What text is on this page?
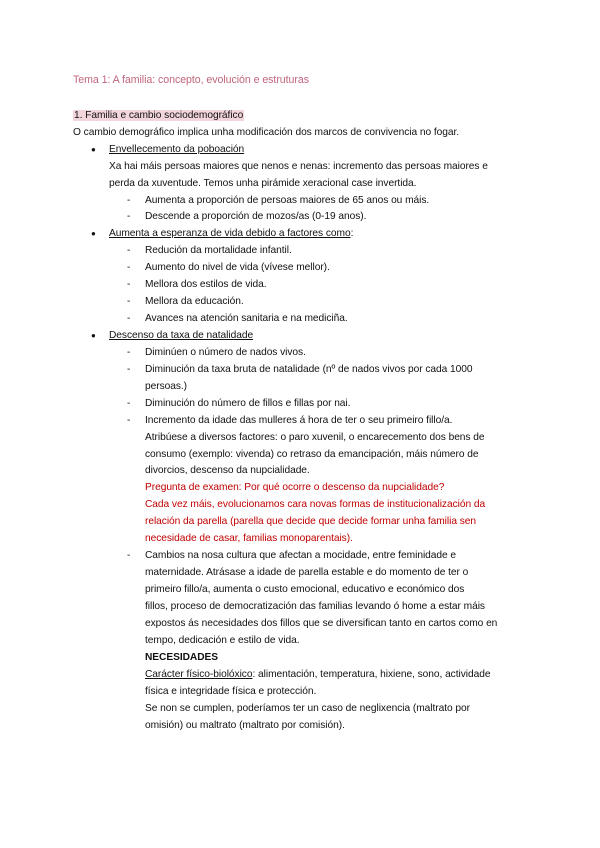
Tema 1: A familia: concepto, evolución e estruturas
1. Familia e cambio sociodemográfico
O cambio demográfico implica unha modificación dos marcos de convivencia no fogar.
● Envellecemento da poboación
Xa hai máis persoas maiores que nenos e nenas: incremento das persoas maiores e
perda da xuventude. Temos unha pirámide xeracional case invertida.
- Aumenta a proporción de persoas maiores de 65 anos ou máis.
- Descende a proporción de mozos/as (0-19 anos).
● Aumenta a esperanza de vida debido a factores como:
- Redución da mortalidade infantil.
- Aumento do nivel de vida (vívese mellor).
- Mellora dos estilos de vida.
- Mellora da educación.
- Avances na atención sanitaria e na mediciña.
● Descenso da taxa de natalidade
- Diminúen o número de nados vivos.
- Diminución da taxa bruta de natalidade (nº de nados vivos por cada 1000
persoas.)
- Diminución do número de fillos e fillas por nai.
- Incremento da idade das mulleres á hora de ter o seu primeiro fillo/a.
Atribúese a diversos factores: o paro xuvenil, o encarecemento dos bens de
consumo (exemplo: vivenda) co retraso da emancipación, máis número de
divorcios, descenso da nupcialidade.
Pregunta de examen: Por qué ocorre o descenso da nupcialidade?
Cada vez máis, evolucionamos cara novas formas de institucionalización da
relación da parella (parella que decide que decide formar unha familia sen
necesidade de casar, familias monoparentais).
- Cambios na nosa cultura que afectan a mocidade, entre feminidade e
maternidade. Atrásase a idade de parella estable e do momento de ter o
primeiro fillo/a, aumenta o custo emocional, educativo e económico dos
fillos, proceso de democratización das familias levando ó home a estar máis
expostos ás necesidades dos fillos que se diversifican tanto en cartos como en
tempo, dedicación e estilo de vida.
NECESIDADES
Carácter físico-biolóxico: alimentación, temperatura, hixiene, sono, actividade
física e integridade física e protección.
Se non se cumplen, poderíamos ter un caso de neglixencia (maltrato por
omisión) ou maltrato (maltrato por comisión).
